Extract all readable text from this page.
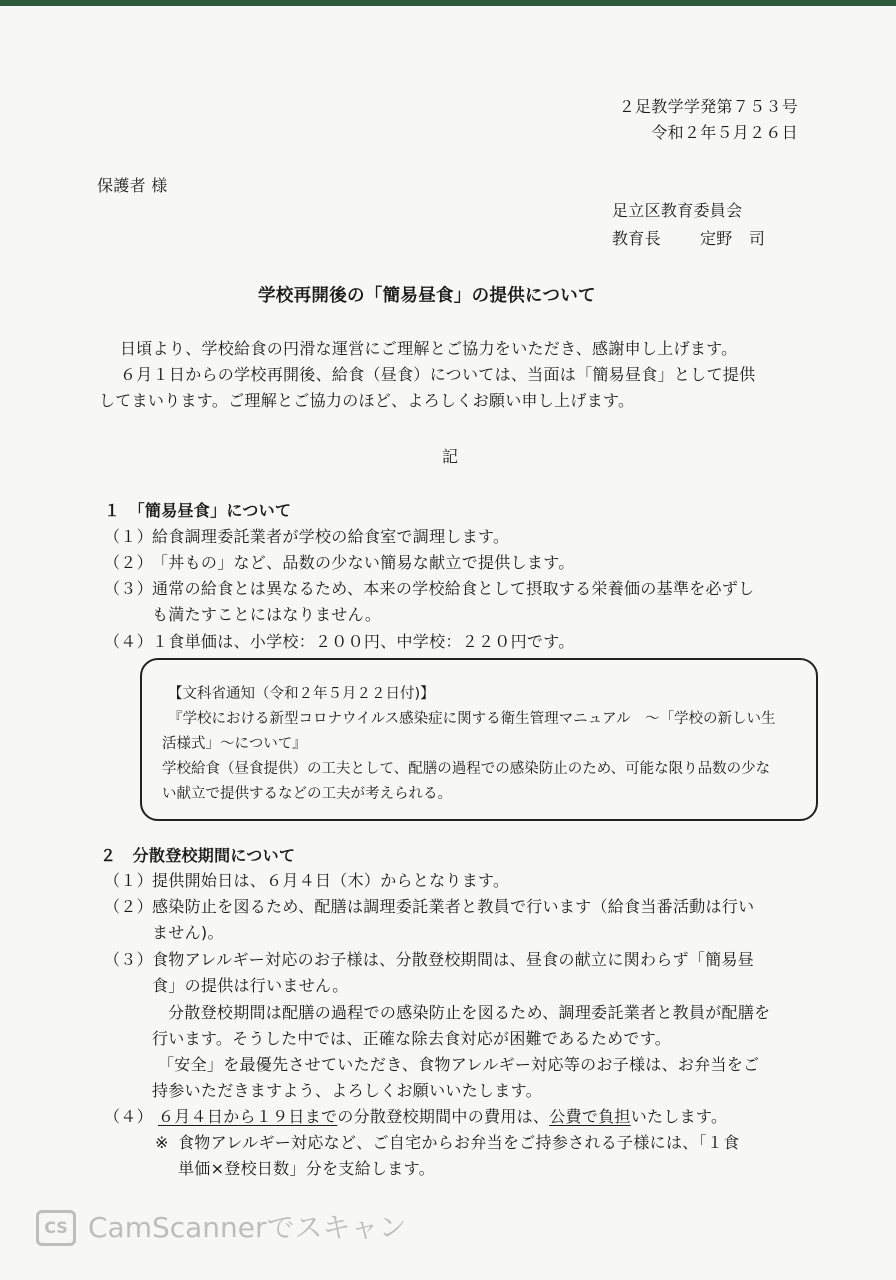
２足教学学発第７５３号
令和２年５月２６日
保護者 様
足立区教育委員会
教育長 定野　司
学校再開後の「簡易昼食」の提供について
日頃より、学校給食の円滑な運営にご理解とご協力をいただき、感謝申し上げます。
６月１日からの学校再開後、給食（昼食）については、当面は「簡易昼食」として提供
してまいります。ご理解とご協力のほど、よろしくお願い申し上げます。
記
１　「簡易昼食」について
（１） 給食調理委託業者が学校の給食室で調理します。
（２） 「丼もの」など、品数の少ない簡易な献立で提供します。
（３） 通常の給食とは異なるため、本来の学校給食として摂取する栄養価の基準を必ずし
も満たすことにはなりません。
（４） １食単価は、小学校：２００円、中学校：２２０円です。
【文科省通知（令和２年５月２２日付)】
『学校における新型コロナウイルス感染症に関する衛生管理マニュアル　～「学校の新しい生
活様式」～について』
学校給食（昼食提供）の工夫として、配膳の過程での感染防止のため、可能な限り品数の少な
い献立で提供するなどの工夫が考えられる。
２　分散登校期間について
（１） 提供開始日は、６月４日（木）からとなります。
（２） 感染防止を図るため、配膳は調理委託業者と教員で行います（給食当番活動は行い
ません)。
（３） 食物アレルギー対応のお子様は、分散登校期間は、昼食の献立に関わらず「簡易昼
食」の提供は行いません。
分散登校期間は配膳の過程での感染防止を図るため、調理委託業者と教員が配膳を
行います。そうした中では、正確な除去食対応が困難であるためです。
「安全」を最優先させていただき、食物アレルギー対応等のお子様は、お弁当をご
持参いただきますよう、よろしくお願いいたします。
（４） ６月４日から１９日までの分散登校期間中の費用は、公費で負担いたします。
※ 食物アレルギー対応など、ご自宅からお弁当をご持参される子様には、「１食
単価×登校日数」分を支給します。
CS CamScannerでスキャン
